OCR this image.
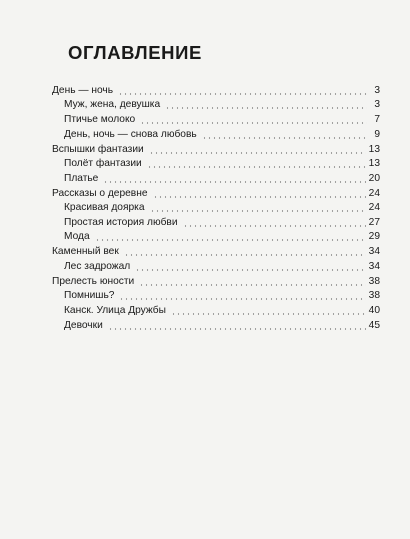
ОГЛАВЛЕНИЕ
День — ночь	3
Муж, жена, девушка	3
Птичье молоко	7
День, ночь — снова любовь	9
Вспышки фантазии	13
Полёт фантазии	13
Платье	20
Рассказы о деревне	24
Красивая доярка	24
Простая история любви	27
Мода	29
Каменный век	34
Лес задрожал	34
Прелесть юности	38
Помнишь?	38
Канск. Улица Дружбы	40
Девочки	45
